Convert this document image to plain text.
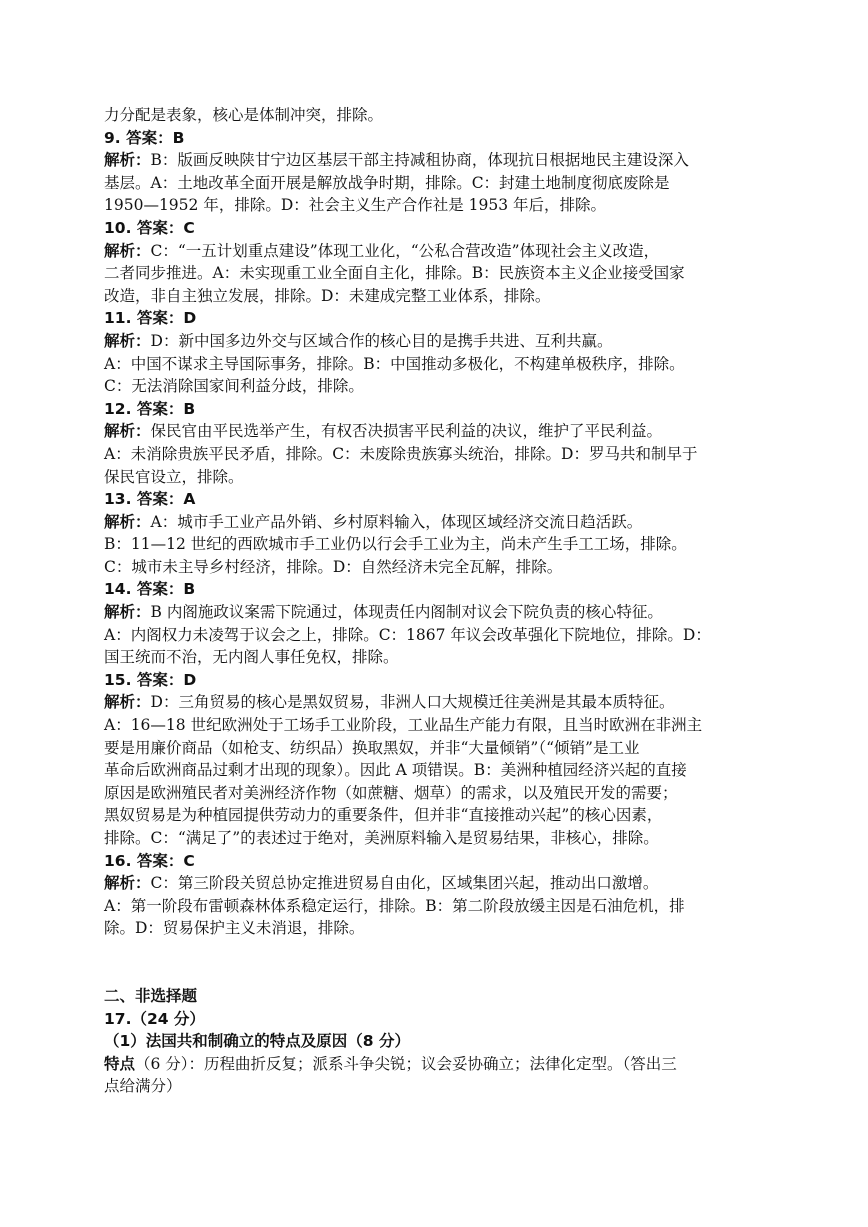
力分配是表象，核心是体制冲突，排除。
9. 答案：B
解析：B：版画反映陕甘宁边区基层干部主持减租协商，体现抗日根据地民主建设深入
基层。A：土地改革全面开展是解放战争时期，排除。C：封建土地制度彻底废除是
1950—1952 年，排除。D：社会主义生产合作社是 1953 年后，排除。
10. 答案：C
解析：C：“一五计划重点建设”体现工业化，“公私合营改造”体现社会主义改造，
二者同步推进。A：未实现重工业全面自主化，排除。B：民族资本主义企业接受国家
改造，非自主独立发展，排除。D：未建成完整工业体系，排除。
11. 答案：D
解析：D：新中国多边外交与区域合作的核心目的是携手共进、互利共赢。
A：中国不谋求主导国际事务，排除。B：中国推动多极化，不构建单极秩序，排除。
C：无法消除国家间利益分歧，排除。
12. 答案：B
解析：保民官由平民选举产生，有权否决损害平民利益的决议，维护了平民利益。
A：未消除贵族平民矛盾，排除。C：未废除贵族寡头统治，排除。D：罗马共和制早于
保民官设立，排除。
13. 答案：A
解析：A：城市手工业产品外销、乡村原料输入，体现区域经济交流日趋活跃。
B：11—12 世纪的西欧城市手工业仍以行会手工业为主，尚未产生手工工场，排除。
C：城市未主导乡村经济，排除。D：自然经济未完全瓦解，排除。
14. 答案：B
解析：B 内阁施政议案需下院通过，体现责任内阁制对议会下院负责的核心特征。
A：内阁权力未凌驾于议会之上，排除。C：1867 年议会改革强化下院地位，排除。D：
国王统而不治，无内阁人事任免权，排除。
15. 答案：D
解析：D：三角贸易的核心是黑奴贸易，非洲人口大规模迁往美洲是其最本质特征。
A：16—18 世纪欧洲处于工场手工业阶段，工业品生产能力有限，且当时欧洲在非洲主
要是用廉价商品（如枪支、纺织品）换取黑奴，并非“大量倾销”（“倾销”是工业
革命后欧洲商品过剩才出现的现象）。因此 A 项错误。B：美洲种植园经济兴起的直接
原因是欧洲殖民者对美洲经济作物（如蔗糖、烟草）的需求，以及殖民开发的需要；
黑奴贸易是为种植园提供劳动力的重要条件，但并非“直接推动兴起”的核心因素，
排除。C：“满足了”的表述过于绝对，美洲原料输入是贸易结果，非核心，排除。
16. 答案：C
解析：C：第三阶段关贸总协定推进贸易自由化，区域集团兴起，推动出口激增。
A：第一阶段布雷顿森林体系稳定运行，排除。B：第二阶段放缓主因是石油危机，排
除。D：贸易保护主义未消退，排除。
二、非选择题
17.（24 分）
（1）法国共和制确立的特点及原因（8 分）
特点（6 分）：历程曲折反复；派系斗争尖锐；议会妥协确立；法律化定型。（答出三
点给满分）
